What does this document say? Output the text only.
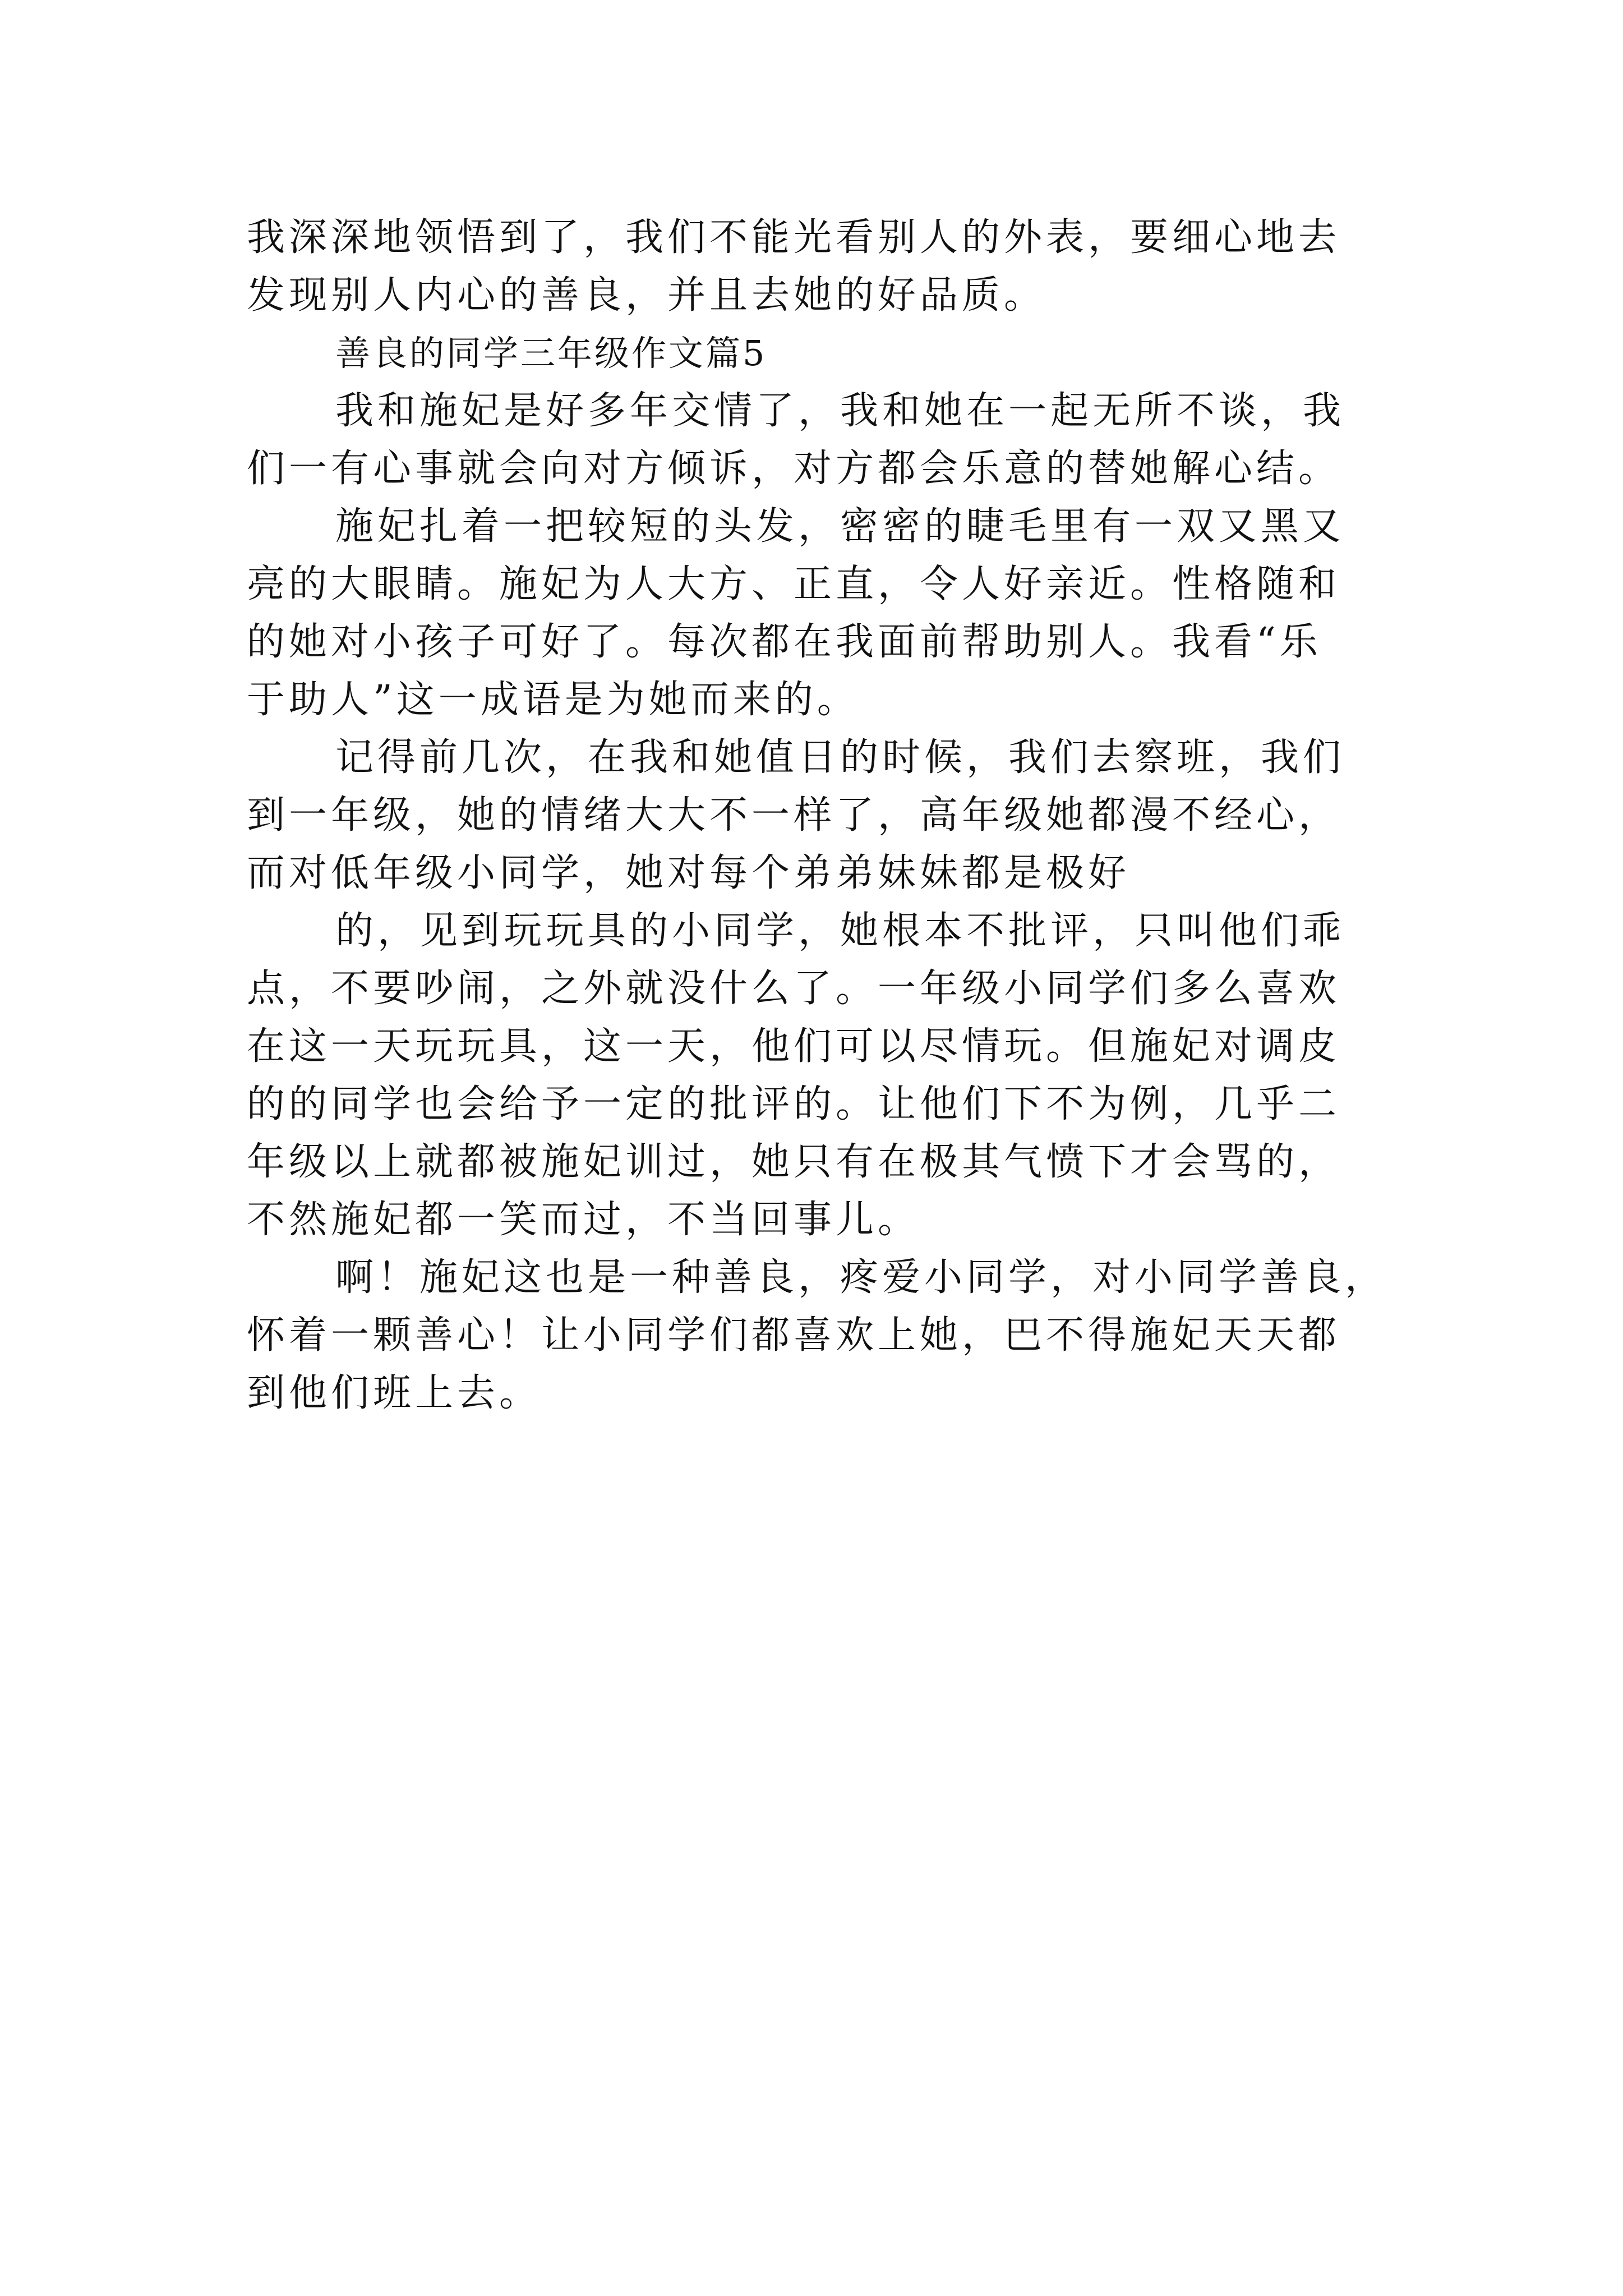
我深深地领悟到了，我们不能光看别人的外表，要细心地去
发现别人内心的善良，并且去她的好品质。
善良的同学三年级作文篇5
我和施妃是好多年交情了，我和她在一起无所不谈，我
们一有心事就会向对方倾诉，对方都会乐意的替她解心结。
施妃扎着一把较短的头发，密密的睫毛里有一双又黑又
亮的大眼睛。施妃为人大方、正直，令人好亲近。性格随和
的她对小孩子可好了。每次都在我面前帮助别人。我看“乐
于助人”这一成语是为她而来的。
记得前几次，在我和她值日的时候，我们去察班，我们
到一年级，她的情绪大大不一样了，高年级她都漫不经心，
而对低年级小同学，她对每个弟弟妹妹都是极好
的，见到玩玩具的小同学，她根本不批评，只叫他们乖
点，不要吵闹，之外就没什么了。一年级小同学们多么喜欢
在这一天玩玩具，这一天，他们可以尽情玩。但施妃对调皮
的的同学也会给予一定的批评的。让他们下不为例，几乎二
年级以上就都被施妃训过，她只有在极其气愤下才会骂的，
不然施妃都一笑而过，不当回事儿。
啊！施妃这也是一种善良，疼爱小同学，对小同学善良，
怀着一颗善心！让小同学们都喜欢上她，巴不得施妃天天都
到他们班上去。
